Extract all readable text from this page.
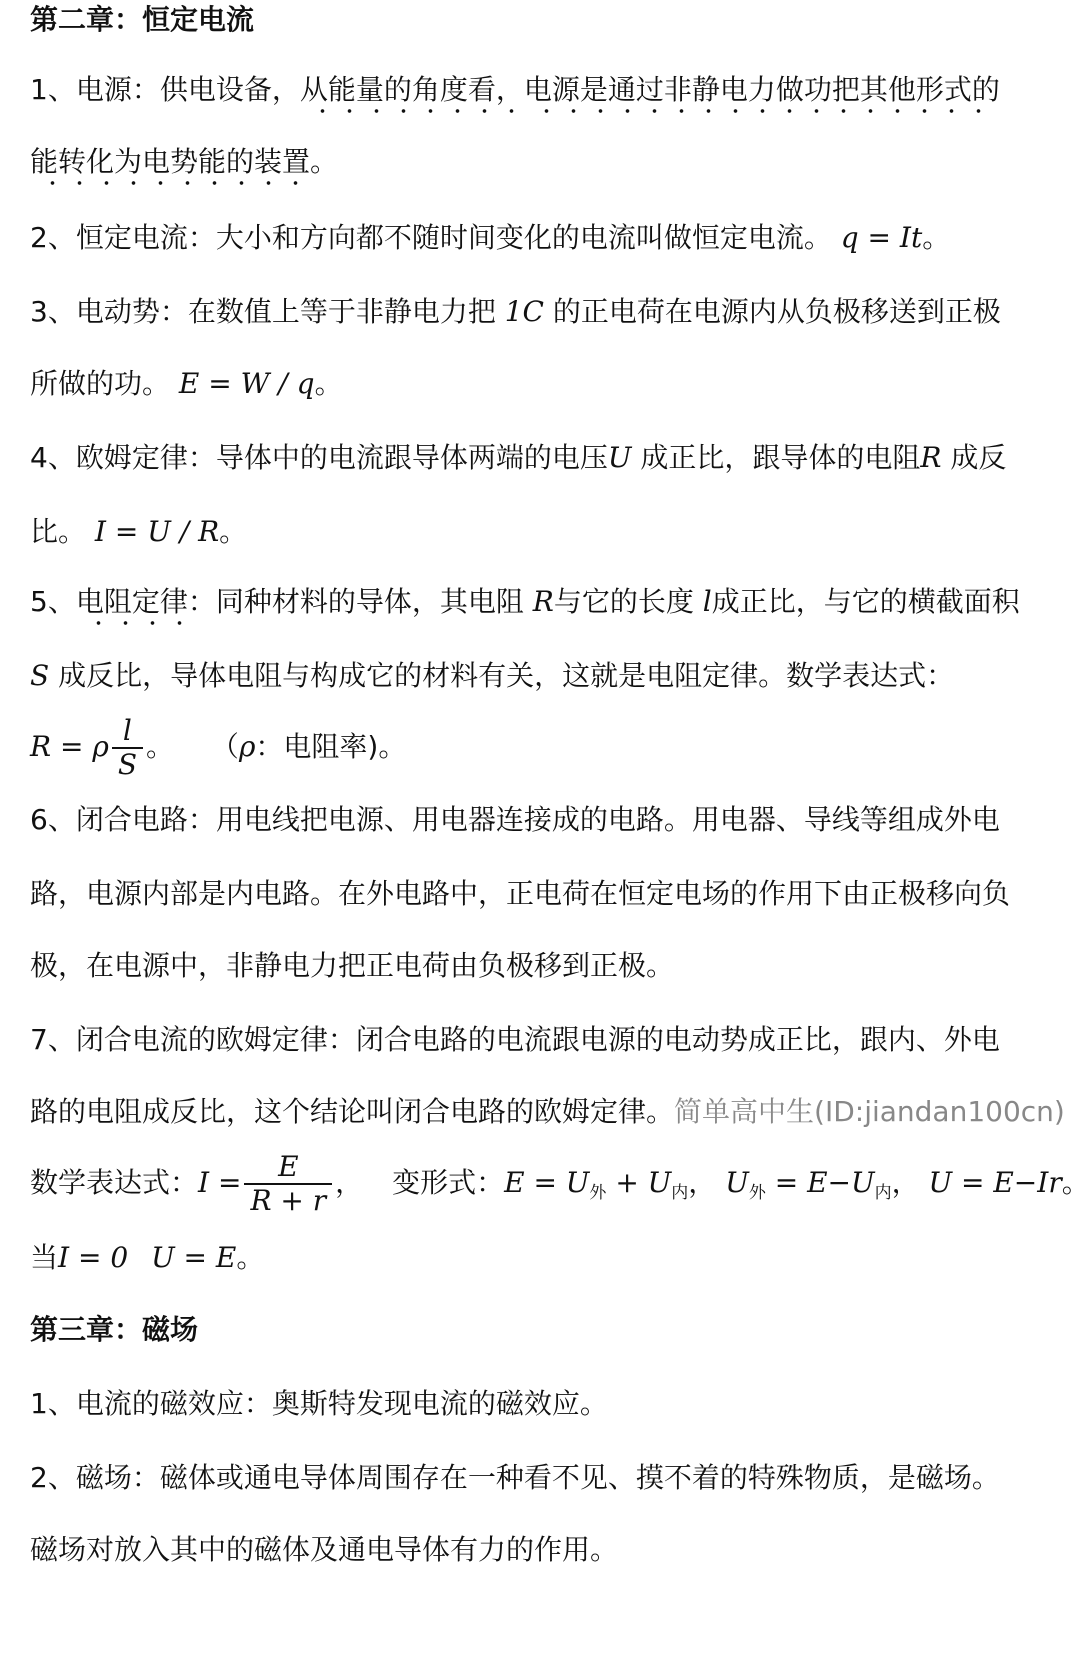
第二章：恒定电流
1、电源：供电设备，从能量的角度看，电源是通过非静电力做功把其他形式的
能转化为电势能的装置。
2、恒定电流：大小和方向都不随时间变化的电流叫做恒定电流。 q = It。
3、电动势：在数值上等于非静电力把 1C 的正电荷在电源内从负极移送到正极
所做的功。 E = W / q。
4、欧姆定律：导体中的电流跟导体两端的电压U 成正比，跟导体的电阻R 成反
比。 I = U / R。
5、电阻定律：同种材料的导体，其电阻 R与它的长度 l成正比，与它的横截面积
S 成反比，导体电阻与构成它的材料有关，这就是电阻定律。数学表达式：
R = ρ $\frac{l}{S}$ 。 （ρ：电阻率)。
6、闭合电路：用电线把电源、用电器连接成的电路。用电器、导线等组成外电
路，电源内部是内电路。在外电路中，正电荷在恒定电场的作用下由正极移向负
极，在电源中，非静电力把正电荷由负极移到正极。
7、闭合电流的欧姆定律：闭合电路的电流跟电源的电动势成正比，跟内、外电
路的电阻成反比，这个结论叫闭合电路的欧姆定律。简单高中生(ID:jiandan100cn)
数学表达式：$I = \frac{E}{R + r}$ ， 变形式：$E = U_外 + U_内$， $U_外 = E-U_内$， U = E−Ir。
当I = 0 U = E。
第三章：磁场
1、电流的磁效应：奥斯特发现电流的磁效应。
2、磁场：磁体或通电导体周围存在一种看不见、摸不着的特殊物质，是磁场。
磁场对放入其中的磁体及通电导体有力的作用。
